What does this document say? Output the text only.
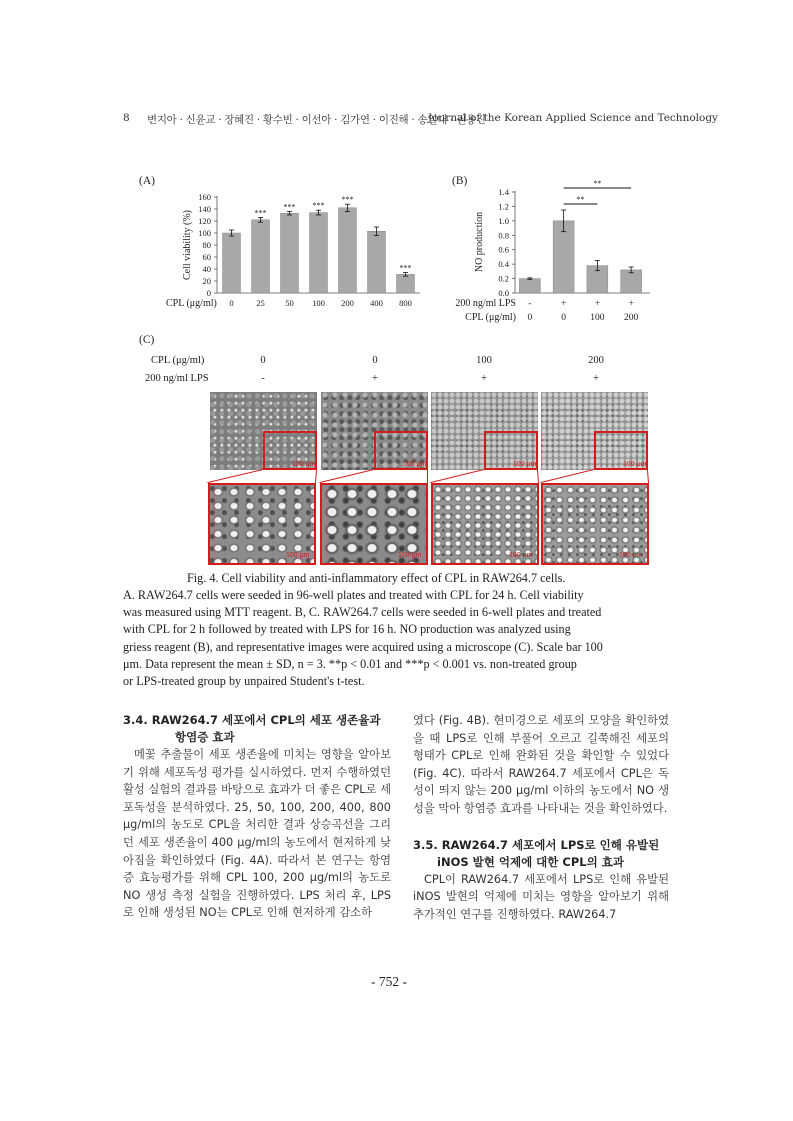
8 변지아 · 신윤교 · 장혜진 · 황수빈 · 이선아 · 김가연 · 이진해 · 송일대 · 권용진
Journal of the Korean Applied Science and Technology
(A)	(B)
(C)
0
20
40
60
80
100
120
140
160
Cell viability (%)
CPL (μg/ml) 0
***
25
***
50
***
100
***
200 400
***
800
0.0
0.2
0.4
0.6
0.8
1.0
1.2
1.4
NO production
200 ng/ml LPS
CPL (μg/ml)
-
0
+
0
+
100
+
200
**
**
CPL (μg/ml)
200 ng/ml LPS
0
-
0
+
100
+
200
+
100 μm
100 μm
100 μm
100 μm
100 μm
100 μm
100 μm
100 μm
Fig. 4. Cell viability and anti-inflammatory effect of CPL in RAW264.7 cells.
A. RAW264.7 cells were seeded in 96-well plates and treated with CPL for 24 h. Cell viability
was measured using MTT reagent. B, C. RAW264.7 cells were seeded in 6-well plates and treated
with CPL for 2 h followed by treated with LPS for 16 h. NO production was analyzed using
griess reagent (B), and representative images were acquired using a microscope (C). Scale bar 100
μm. Data represent the mean ± SD, n = 3. **p < 0.01 and ***p < 0.001 vs. non-treated group
or LPS-treated group by unpaired Student's t-test.
3.4. RAW264.7 세포에서 CPL의 세포 생존율과
항염증 효과

메꽃 추출물이 세포 생존율에 미치는 영향을 알아보기 위해 세포독성 평가를 실시하였다. 먼저 수행하였던 활성 실험의 결과를 바탕으로 효과가 더 좋은 CPL로 세포독성을 분석하였다. 25, 50, 100, 200, 400, 800 μg/ml의 농도로 CPL을 처리한 결과 상승곡선을 그리던 세포 생존율이 400 μg/ml의 농도에서 현저하게 낮아짐을 확인하였다 (Fig. 4A). 따라서 본 연구는 항염증 효능평가를 위해 CPL 100, 200 μg/ml의 농도로 NO 생성 측정 실험을 진행하였다. LPS 처리 후, LPS로 인해 생성된 NO는 CPL로 인해 현저하게 감소하

였다 (Fig. 4B). 현미경으로 세포의 모양을 확인하였을 때 LPS로 인해 부풀어 오르고 길쭉해진 세포의 형태가 CPL로 인해 완화된 것을 확인할 수 있었다 (Fig. 4C). 따라서 RAW264.7 세포에서 CPL은 독성이 띄지 않는 200 μg/ml 이하의 농도에서 NO 생성을 막아 항염증 효과를 나타내는 것을 확인하였다.

3.5. RAW264.7 세포에서 LPS로 인해 유발된
iNOS 발현 억제에 대한 CPL의 효과

CPL이 RAW264.7 세포에서 LPS로 인해 유발된 iNOS 발현의 억제에 미치는 영향을 알아보기 위해 추가적인 연구를 진행하였다. RAW264.7

- 752 -
